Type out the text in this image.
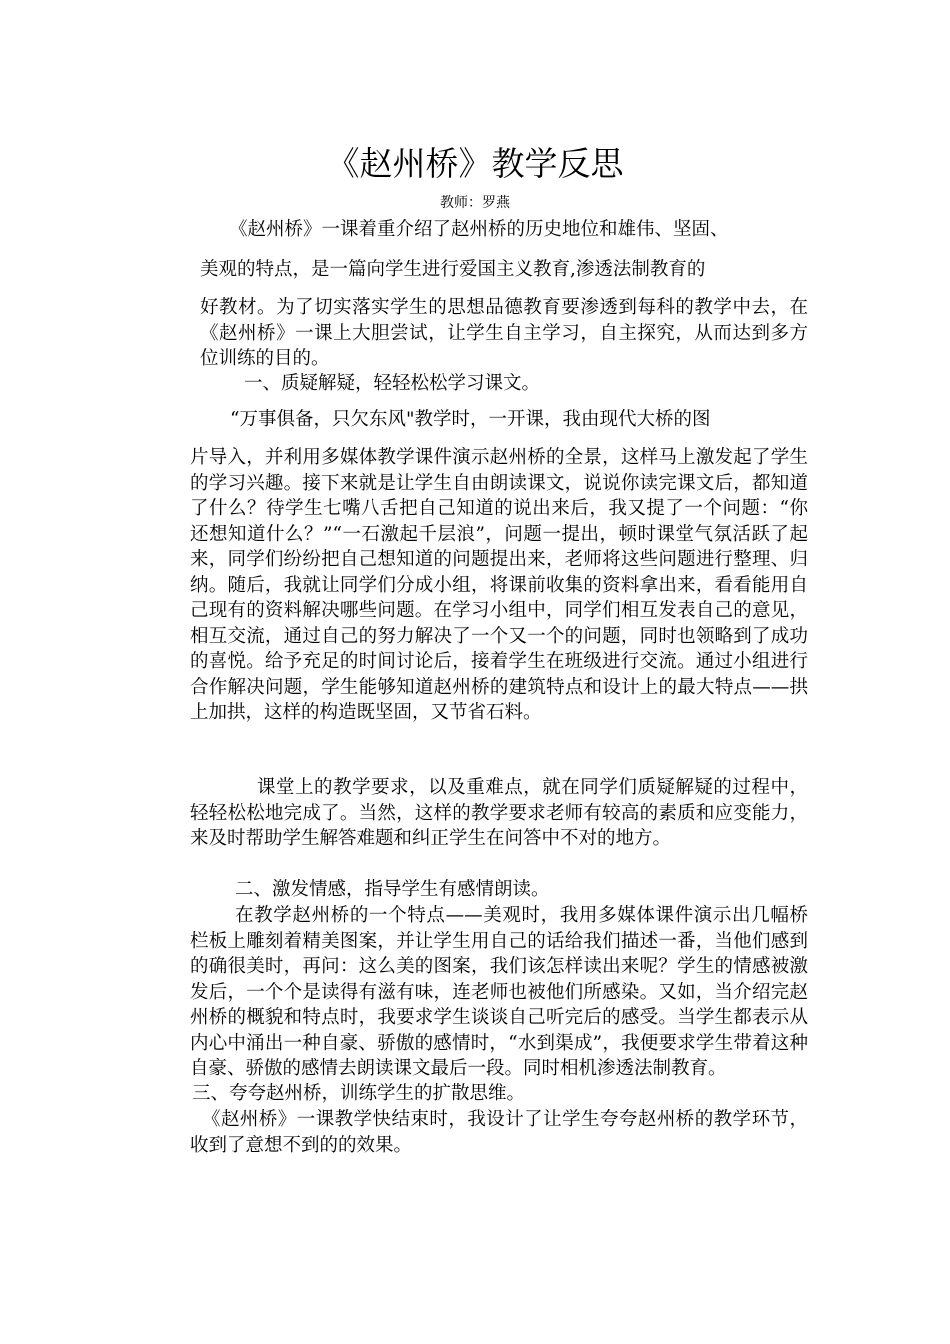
《赵州桥》教学反思
教师：罗燕

《赵州桥》一课着重介绍了赵州桥的历史地位和雄伟、坚固、

美观的特点，是一篇向学生进行爱国主义教育,渗透法制教育的

好教材。为了切实落实学生的思想品德教育要渗透到每科的教学中去，在《赵州桥》一课上大胆尝试，让学生自主学习，自主探究，从而达到多方位训练的目的。

一、质疑解疑，轻轻松松学习课文。

“万事俱备，只欠东风"教学时，一开课，我由现代大桥的图

片导入，并利用多媒体教学课件演示赵州桥的全景，这样马上激发起了学生的学习兴趣。接下来就是让学生自由朗读课文，说说你读完课文后，都知道了什么？待学生七嘴八舌把自己知道的说出来后，我又提了一个问题：“你还想知道什么？”“一石激起千层浪”，问题一提出，顿时课堂气氛活跃了起来，同学们纷纷把自己想知道的问题提出来，老师将这些问题进行整理、归纳。随后，我就让同学们分成小组，将课前收集的资料拿出来，看看能用自己现有的资料解决哪些问题。在学习小组中，同学们相互发表自己的意见，相互交流，通过自己的努力解决了一个又一个的问题，同时也领略到了成功的喜悦。给予充足的时间讨论后，接着学生在班级进行交流。通过小组进行合作解决问题，学生能够知道赵州桥的建筑特点和设计上的最大特点——拱上加拱，这样的构造既坚固，又节省石料。

课堂上的教学要求，以及重难点，就在同学们质疑解疑的过程中，轻轻松松地完成了。当然，这样的教学要求老师有较高的素质和应变能力，来及时帮助学生解答难题和纠正学生在问答中不对的地方。

二、激发情感，指导学生有感情朗读。

在教学赵州桥的一个特点——美观时，我用多媒体课件演示出几幅桥栏板上雕刻着精美图案，并让学生用自己的话给我们描述一番，当他们感到的确很美时，再问：这么美的图案，我们该怎样读出来呢？学生的情感被激发后，一个个是读得有滋有味，连老师也被他们所感染。又如，当介绍完赵州桥的概貌和特点时，我要求学生谈谈自己听完后的感受。当学生都表示从内心中涌出一种自豪、骄傲的感情时，“水到渠成”，我便要求学生带着这种自豪、骄傲的感情去朗读课文最后一段。同时相机渗透法制教育。

三、夸夸赵州桥，训练学生的扩散思维。

《赵州桥》一课教学快结束时，我设计了让学生夸夸赵州桥的教学环节，收到了意想不到的的效果。
